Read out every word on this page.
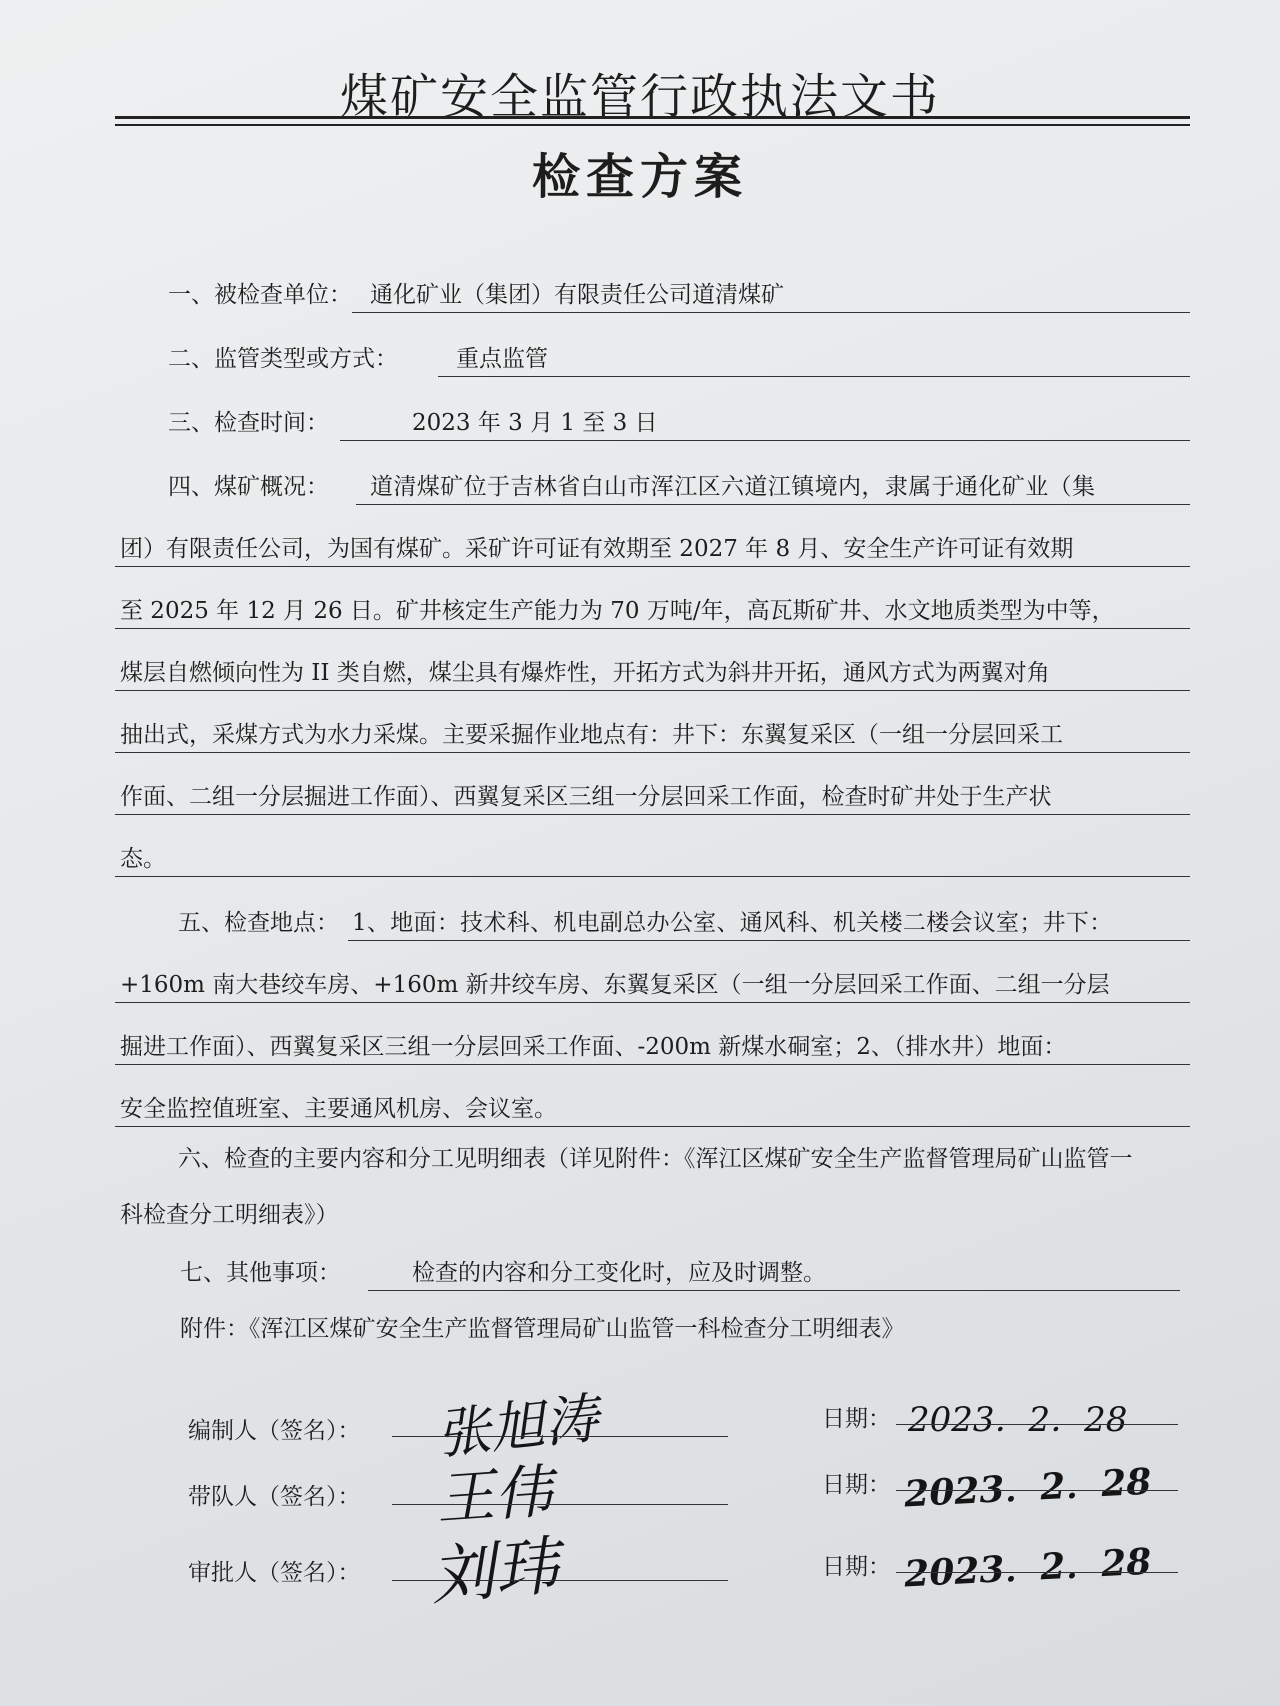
煤矿安全监管行政执法文书
检查方案
一、被检查单位： 通化矿业（集团）有限责任公司道清煤矿
二、监管类型或方式：	重点监管
三、检查时间：	2023 年 3 月 1 至 3 日
四、煤矿概况： 道清煤矿位于吉林省白山市浑江区六道江镇境内，隶属于通化矿业（集
团）有限责任公司，为国有煤矿。采矿许可证有效期至 2027 年 8 月、安全生产许可证有效期
至 2025 年 12 月 26 日。矿井核定生产能力为 70 万吨/年，高瓦斯矿井、水文地质类型为中等，
煤层自燃倾向性为 II 类自燃，煤尘具有爆炸性，开拓方式为斜井开拓，通风方式为两翼对角
抽出式，采煤方式为水力采煤。主要采掘作业地点有：井下：东翼复采区（一组一分层回采工
作面、二组一分层掘进工作面）、西翼复采区三组一分层回采工作面，检查时矿井处于生产状
态。
五、检查地点： 1、地面：技术科、机电副总办公室、通风科、机关楼二楼会议室；井下：
+160m 南大巷绞车房、+160m 新井绞车房、东翼复采区（一组一分层回采工作面、二组一分层
掘进工作面）、西翼复采区三组一分层回采工作面、-200m 新煤水硐室；2、（排水井）地面：
安全监控值班室、主要通风机房、会议室。
六、检查的主要内容和分工见明细表（详见附件：《浑江区煤矿安全生产监督管理局矿山监管一
科检查分工明细表》）
七、其他事项：	检查的内容和分工变化时，应及时调整。
附件：《浑江区煤矿安全生产监督管理局矿山监管一科检查分工明细表》
编制人（签名）： 张旭涛	日期： 2023．2．28
带队人（签名）： 王伟	日期： 2023．2．28
审批人（签名）： 刘玮	日期： 2023．2．28
